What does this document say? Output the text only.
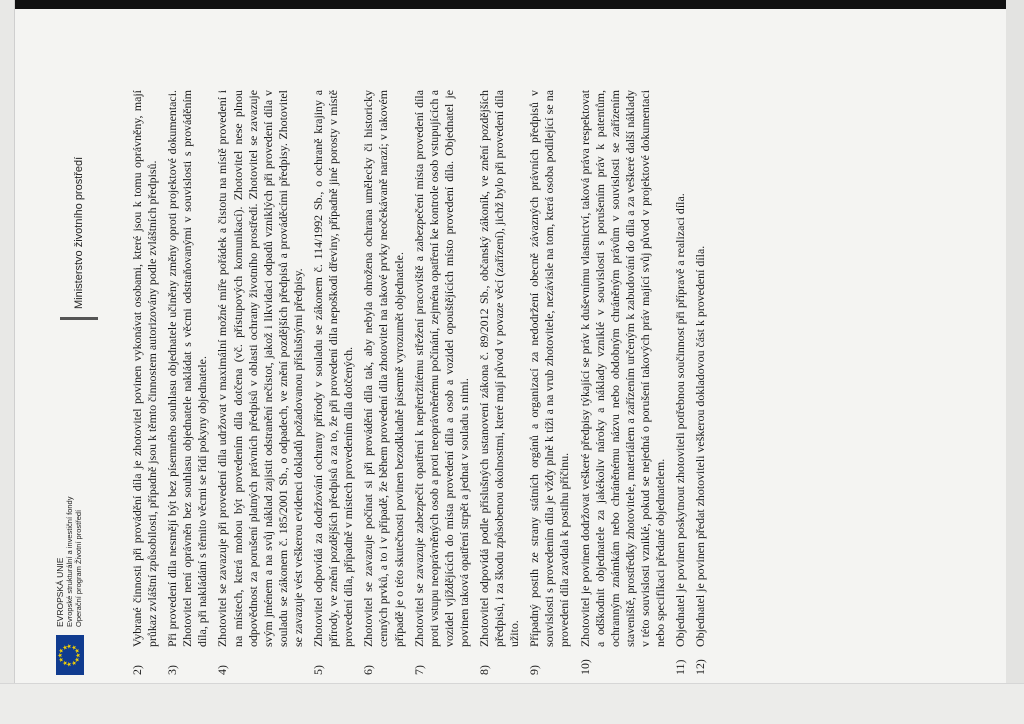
★
★
★
★
★
★
★
★
★
★
★
★
EVROPSKÁ UNIE Evropské strukturální a investiční fondy Operační program Životní prostředí
Ministerstvo životního prostředí
2)
Vybrané činnosti při provádění díla je zhotovitel povinen vykonávat osobami, které jsou k tomu oprávněny, mají průkaz zvláštní způsobilosti, případně jsou k těmto činnostem autorizovány podle zvláštních předpisů.
3)
Při provedení díla nesmějí být bez písemného souhlasu objednatele učiněny změny oproti projektové dokumentaci. Zhotovitel není oprávněn bez souhlasu objednatele nakládat s věcmi odstraňovanými v souvislosti s prováděním díla, při nakládání s těmito věcmi se řídí pokyny objednatele.
4)
Zhotovitel se zavazuje při provedení díla udržovat v maximální možné míře pořádek a čistotu na místě provedení i na místech, která mohou být provedením díla dotčena (vč. přístupových komunikací). Zhotovitel nese plnou odpovědnost za porušení platných právních předpisů v oblasti ochrany životního prostředí. Zhotovitel se zavazuje svým jménem a na svůj náklad zajistit odstranění nečistot, jakož i likvidaci odpadů vzniklých při provedení díla v souladu se zákonem č. 185/2001 Sb., o odpadech, ve znění pozdějších předpisů a prováděcími předpisy. Zhotovitel se zavazuje vést veškerou evidenci dokladů požadovanou příslušnými předpisy.
5)
Zhotovitel odpovídá za dodržování ochrany přírody v souladu se zákonem č. 114/1992 Sb., o ochraně krajiny a přírody, ve znění pozdějších předpisů a za to, že při provedení díla nepoškodí dřeviny, případně jiné porosty v místě provedení díla, případně v místech provedením díla dotčených.
6)
Zhotovitel se zavazuje počínat si při provádění díla tak, aby nebyla ohrožena ochrana umělecky či historicky cenných prvků, a to i v případě, že během provedení díla zhotovitel na takové prvky neočekávaně narazí; v takovém případě je o této skutečnosti povinen bezodkladně písemně vyrozumět objednatele.
7)
Zhotovitel se zavazuje zabezpečit opatření k nepřetržitému střežení pracoviště a zabezpečení místa provedení díla proti vstupu neoprávněných osob a proti neoprávněnému počínání, zejména opatření ke kontrole osob vstupujících a vozidel vjíždějících do místa provedení díla a osob a vozidel opouštějících místo provedení díla. Objednatel je povinen taková opatření strpět a jednat v souladu s nimi.
8)
Zhotovitel odpovídá podle příslušných ustanovení zákona č. 89/2012 Sb., občanský zákoník, ve znění pozdějších předpisů, i za škodu způsobenou okolnostmi, které mají původ v povaze věcí (zařízení), jichž bylo při provedení díla užito.
9)
Případný postih ze strany státních orgánů a organizací za nedodržení obecně závazných právních předpisů v souvislosti s provedením díla je vždy plně k tíži a na vrub zhotovitele, nezávisle na tom, která osoba podílející se na provedení díla zavdala k postihu příčinu.
10)
Zhotovitel je povinen dodržovat veškeré předpisy týkající se práv k duševnímu vlastnictví, taková práva respektovat a odškodnit objednatele za jakékoliv nároky a náklady vzniklé v souvislosti s porušením práv k patentům, ochranným známkám nebo chráněnému názvu nebo obdobným chráněným právům v souvislosti se zařízením staveniště, prostředky zhotovitele, materiálem a zařízením určeným k zabudování do díla a za veškeré další náklady v této souvislosti vzniklé, pokud se nejedná o porušení takových práv mající svůj původ v projektové dokumentaci nebo specifikaci předané objednatelem.
11)
Objednatel je povinen poskytnout zhotoviteli potřebnou součinnost při přípravě a realizaci díla.
12)
Objednatel je povinen předat zhotoviteli veškerou dokladovou část k provedení díla.
